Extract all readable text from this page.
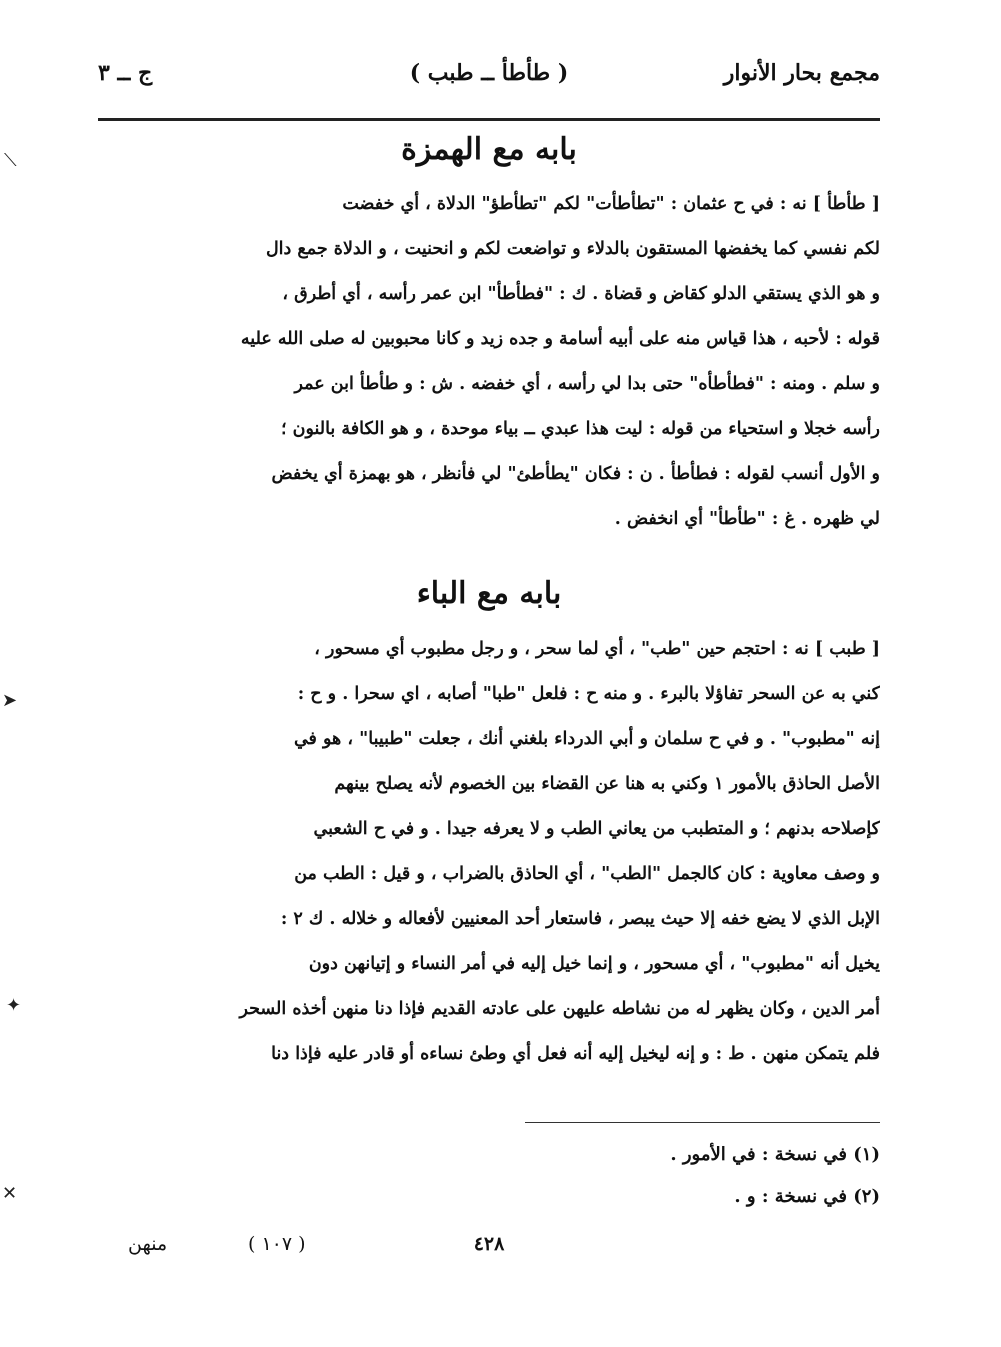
مجمع بحار الأنوار
( طأطأ ــ طبب )
ج ــ ٣
بابه مع الهمزة
[ طأطأ ] نه : في ح عثمان : "تطأطأت" لكم "تطأطؤ" الدلاة ، أي خفضت
لكم نفسي كما يخفضها المستقون بالدلاء و تواضعت لكم و انحنيت ، و الدلاة جمع دال
و هو الذي يستقي الدلو كقاض و قضاة . ك : "فطأطأ" ابن عمر رأسه ، أي أطرق ،
قوله : لأحبه ، هذا قياس منه على أبيه أسامة و جده زيد و كانا محبوبين له صلى الله عليه
و سلم . ومنه : "فطأطأه" حتى بدا لي رأسه ، أي خفضه . ش : و طأطأ ابن عمر
رأسه خجلا و استحياء من قوله : ليت هذا عبدي ــ بياء موحدة ، و هو الكافة بالنون ؛
و الأول أنسب لقوله : فطأطأ . ن : فكان "يطأطئ" لي فأنظر ، هو بهمزة أي يخفض
لي ظهره . غ : "طأطأ" أي انخفض .
بابه مع الباء
[ طبب ] نه : احتجم حين "طب" ، أي لما سحر ، و رجل مطبوب أي مسحور ،
كني به عن السحر تفاؤلا بالبرء . و منه ح : فلعل "طبا" أصابه ، اي سحرا . و ح :
إنه "مطبوب" . و في ح سلمان و أبي الدرداء بلغني أنك ، جعلت "طبيبا" ، هو في
الأصل الحاذق بالأمور ١ وكني به هنا عن القضاء بين الخصوم لأنه يصلح بينهم
كإصلاحه بدنهم ؛ و المتطبب من يعاني الطب و لا يعرفه جيدا . و في ح الشعبي
و وصف معاوية : كان كالجمل "الطب" ، أي الحاذق بالضراب ، و قيل : الطب من
الإبل الذي لا يضع خفه إلا حيث يبصر ، فاستعار أحد المعنيين لأفعاله و خلاله . ك ٢ :
يخيل أنه "مطبوب" ، أي مسحور ، و إنما خيل إليه في أمر النساء و إتيانهن دون
أمر الدين ، وكان يظهر له من نشاطه عليهن على عادته القديم فإذا دنا منهن أخذه السحر
فلم يتمكن منهن . ط : و إنه ليخيل إليه أنه فعل أي وطئ نساءه أو قادر عليه فإذا دنا
(١) في نسخة : في الأمور .
(٢) في نسخة : و .
٤٢٨
( ١٠٧ )
منهن
⟋
➤
✦
✕
